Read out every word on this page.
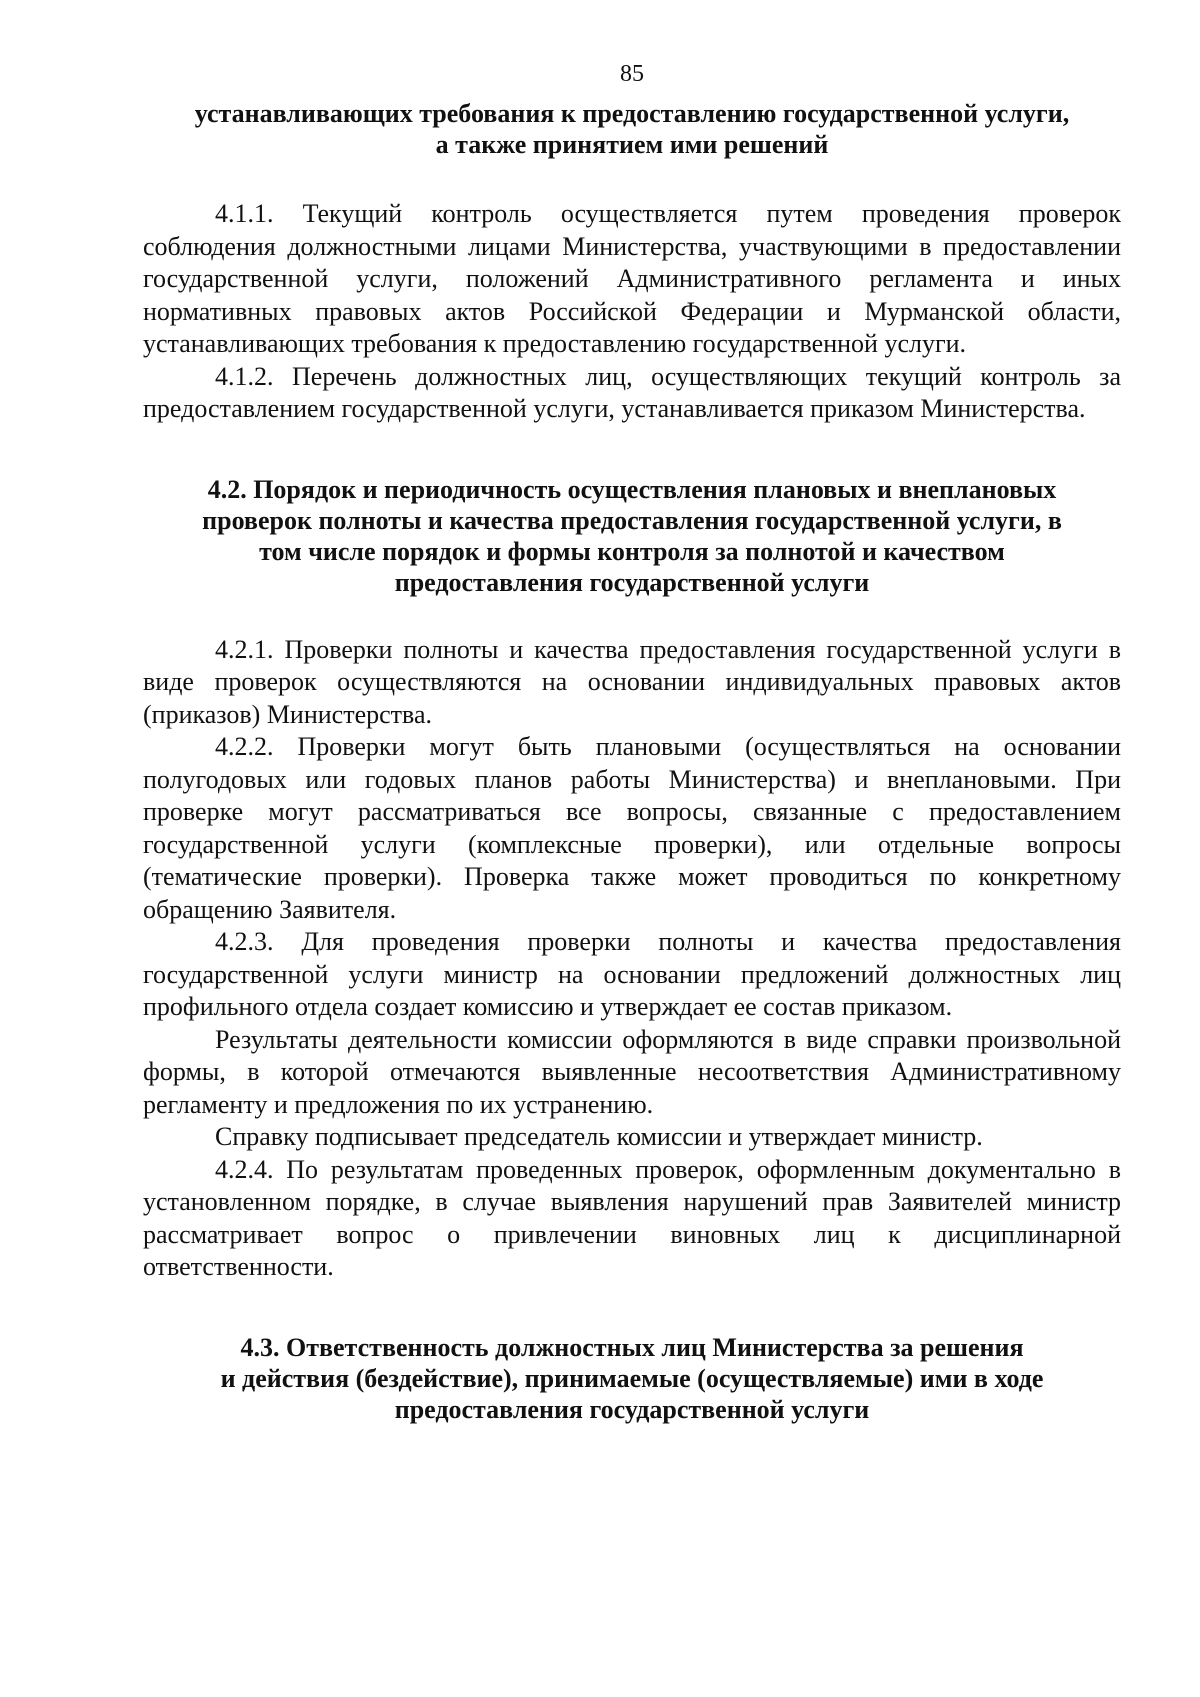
85
устанавливающих требования к предоставлению государственной услуги,
а также принятием ими решений

4.1.1. Текущий контроль осуществляется путем проведения проверок соблюдения должностными лицами Министерства, участвующими в предоставлении государственной услуги, положений Административного регламента и иных нормативных правовых актов Российской Федерации и Мурманской области, устанавливающих требования к предоставлению государственной услуги.

4.1.2. Перечень должностных лиц, осуществляющих текущий контроль за предоставлением государственной услуги, устанавливается приказом Министерства.

4.2. Порядок и периодичность осуществления плановых и внеплановых
проверок полноты и качества предоставления государственной услуги, в
том числе порядок и формы контроля за полнотой и качеством
предоставления государственной услуги

4.2.1. Проверки полноты и качества предоставления государственной услуги в виде проверок осуществляются на основании индивидуальных правовых актов (приказов) Министерства.

4.2.2. Проверки могут быть плановыми (осуществляться на основании полугодовых или годовых планов работы Министерства) и внеплановыми. При проверке могут рассматриваться все вопросы, связанные с предоставлением государственной услуги (комплексные проверки), или отдельные вопросы (тематические проверки). Проверка также может проводиться по конкретному обращению Заявителя.

4.2.3. Для проведения проверки полноты и качества предоставления государственной услуги министр на основании предложений должностных лиц профильного отдела создает комиссию и утверждает ее состав приказом.

Результаты деятельности комиссии оформляются в виде справки произвольной формы, в которой отмечаются выявленные несоответствия Административному регламенту и предложения по их устранению.

Справку подписывает председатель комиссии и утверждает министр.

4.2.4. По результатам проведенных проверок, оформленным документально в установленном порядке, в случае выявления нарушений прав Заявителей министр рассматривает вопрос о привлечении виновных лиц к дисциплинарной ответственности.

4.3. Ответственность должностных лиц Министерства за решения
и действия (бездействие), принимаемые (осуществляемые) ими в ходе
предоставления государственной услуги
